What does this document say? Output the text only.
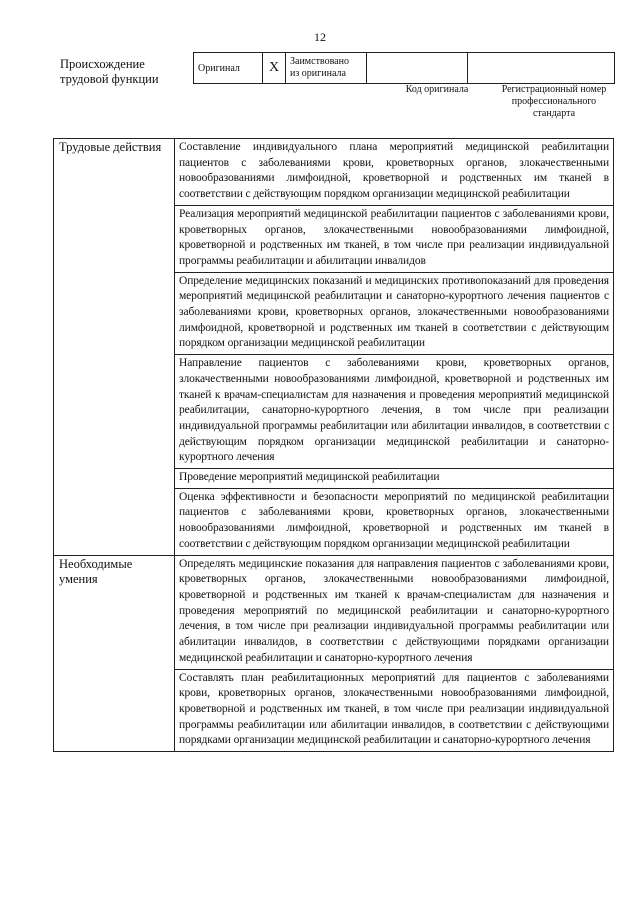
12
Происхождение
трудовой функции
Оригинал	X	Заимствовано
из оригинала

Код оригинала	Регистрационный номер
профессионального
стандарта
Трудовые действия	Составление индивидуального плана мероприятий медицинской реабилитации пациентов с заболеваниями крови, кроветворных органов, злокачественными новообразованиями лимфоидной, кроветворной и родственных им тканей в соответствии с действующим порядком организации медицинской реабилитации
	Реализация мероприятий медицинской реабилитации пациентов с заболеваниями крови, кроветворных органов, злокачественными новообразованиями лимфоидной, кроветворной и родственных им тканей, в том числе при реализации индивидуальной программы реабилитации и абилитации инвалидов
	Определение медицинских показаний и медицинских противопоказаний для проведения мероприятий медицинской реабилитации и санаторно-курортного лечения пациентов с заболеваниями крови, кроветворных органов, злокачественными новообразованиями лимфоидной, кроветворной и родственных им тканей в соответствии с действующим порядком организации медицинской реабилитации
	Направление пациентов с заболеваниями крови, кроветворных органов, злокачественными новообразованиями лимфоидной, кроветворной и родственных им тканей к врачам-специалистам для назначения и проведения мероприятий медицинской реабилитации, санаторно-курортного лечения, в том числе при реализации индивидуальной программы реабилитации или абилитации инвалидов, в соответствии с действующим порядком организации медицинской реабилитации и санаторно-курортного лечения
	Проведение мероприятий медицинской реабилитации
	Оценка эффективности и безопасности мероприятий по медицинской реабилитации пациентов с заболеваниями крови, кроветворных органов, злокачественными новообразованиями лимфоидной, кроветворной и родственных им тканей в соответствии с действующим порядком организации медицинской реабилитации

Необходимые
умения	Определять медицинские показания для направления пациентов с заболеваниями крови, кроветворных органов, злокачественными новообразованиями лимфоидной, кроветворной и родственных им тканей к врачам-специалистам для назначения и проведения мероприятий по медицинской реабилитации и санаторно-курортного лечения, в том числе при реализации индивидуальной программы реабилитации или абилитации инвалидов, в соответствии с действующими порядками организации медицинской реабилитации и санаторно-курортного лечения
	Составлять план реабилитационных мероприятий для пациентов с заболеваниями крови, кроветворных органов, злокачественными новообразованиями лимфоидной, кроветворной и родственных им тканей, в том числе при реализации индивидуальной программы реабилитации или абилитации инвалидов, в соответствии с действующими порядками организации медицинской реабилитации и санаторно-курортного лечения
